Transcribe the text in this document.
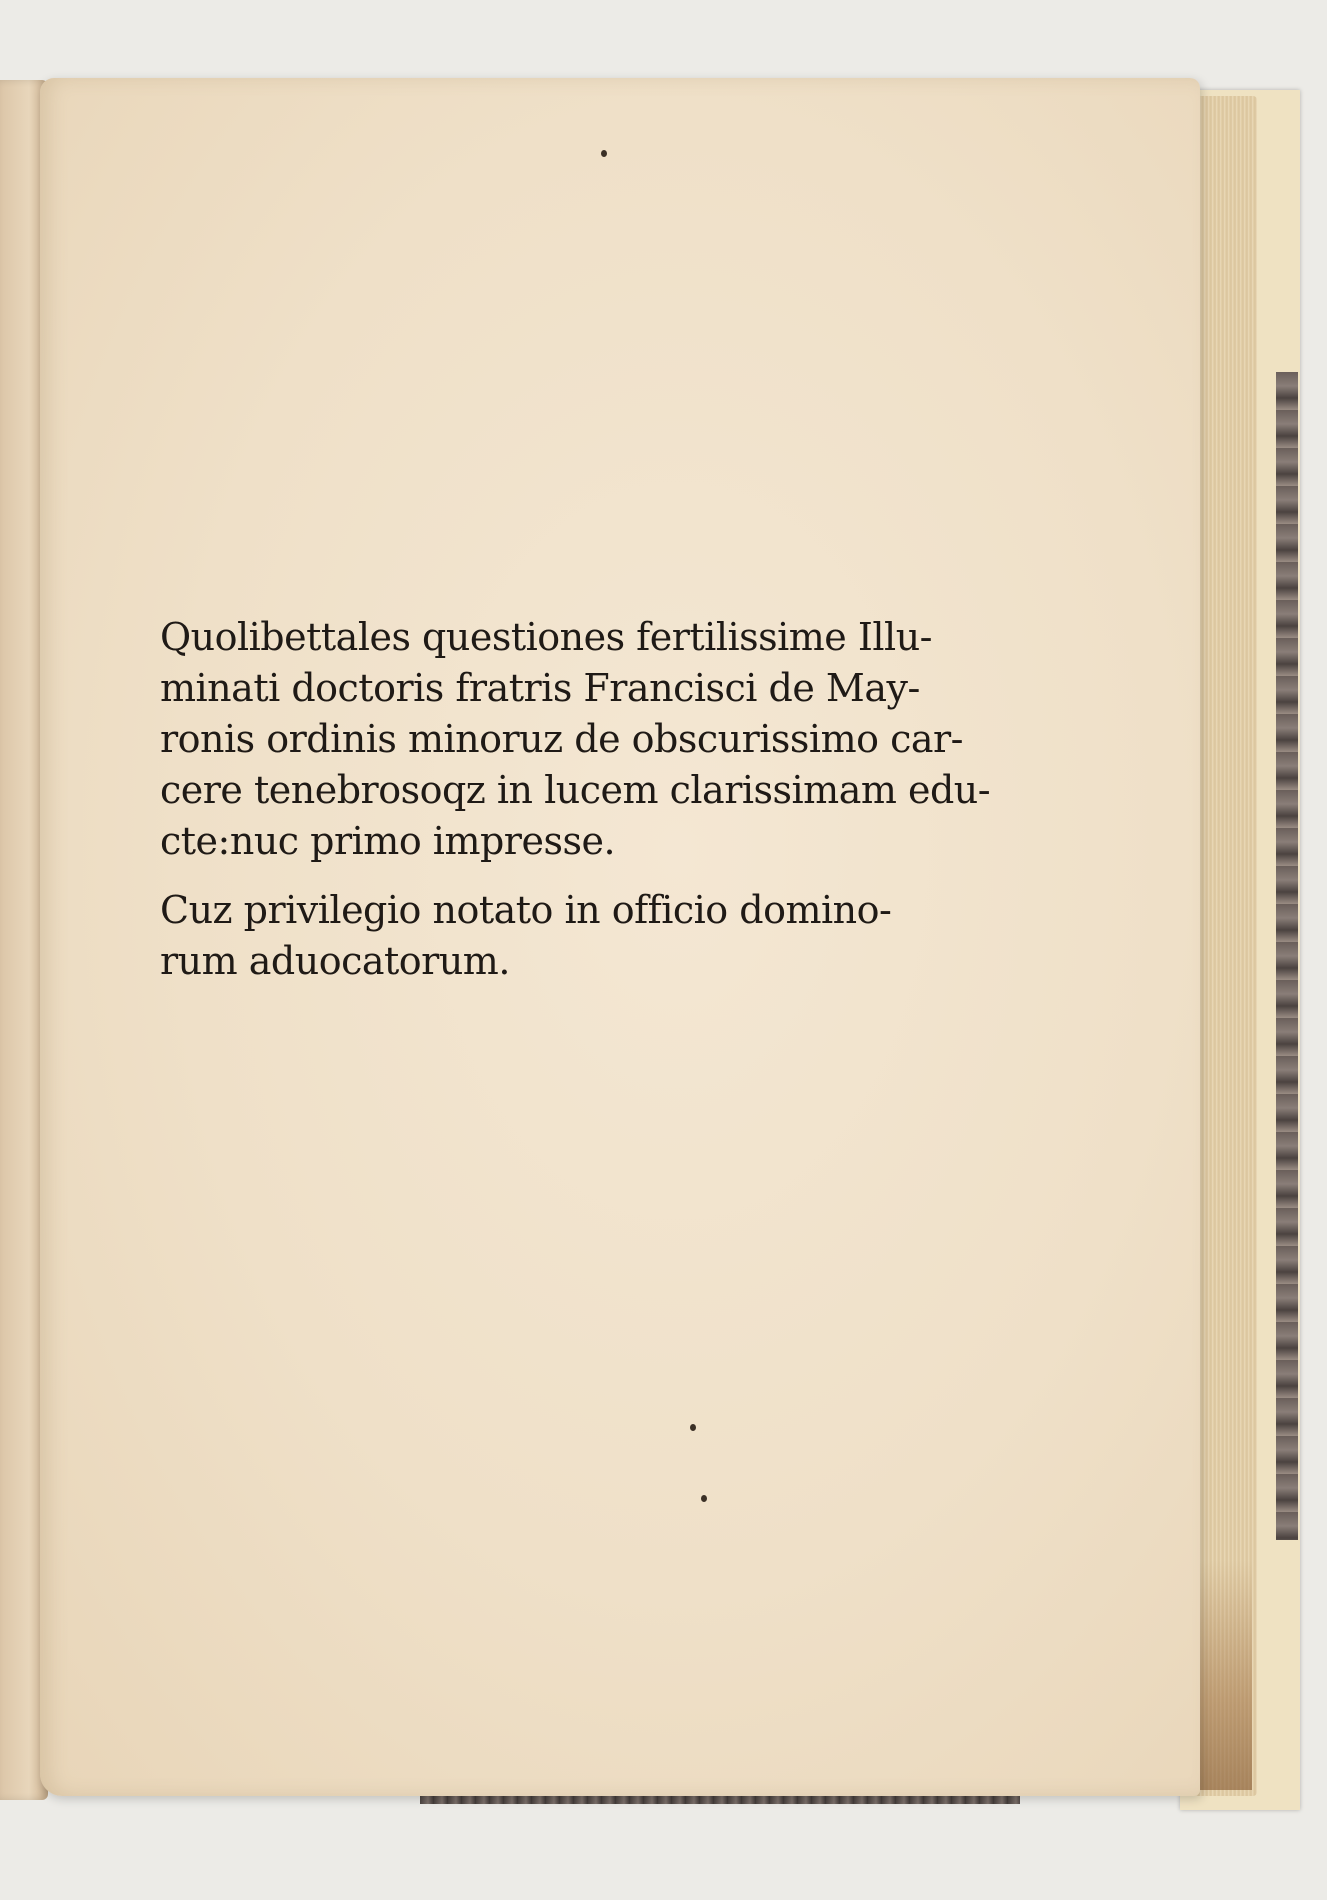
Quolibettales questiones fertilissime Illu-
minati doctoris fratris Francisci de May-
ronis ordinis minoruz de obscurissimo car-
cere tenebrosoqz in lucem clarissimam edu-
cte:nuc primo impresse.
Cuz privilegio notato in officio domino-
rum aduocatorum.
